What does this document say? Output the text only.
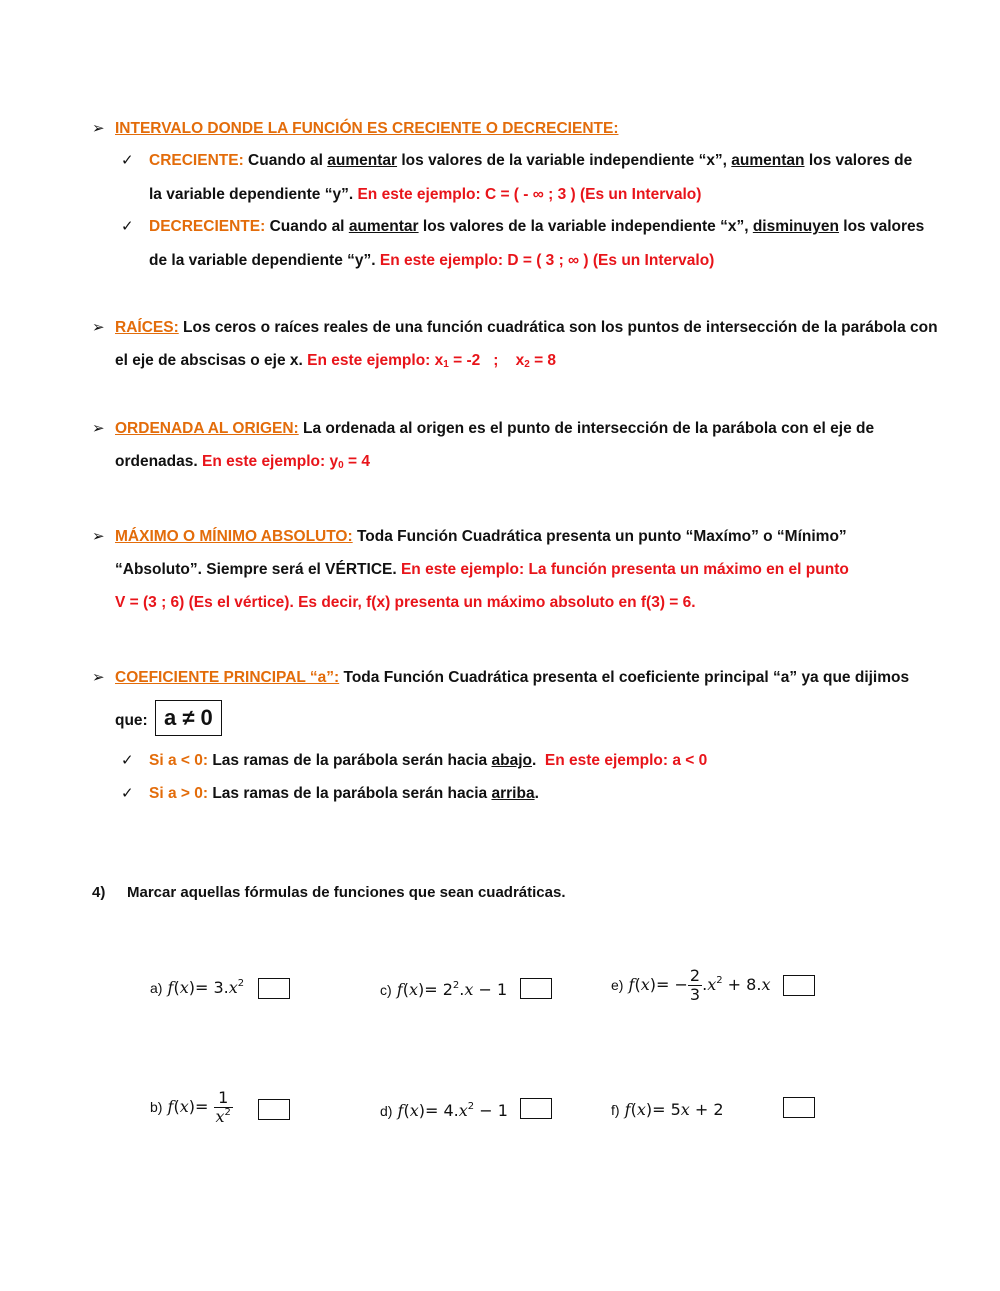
➢ INTERVALO DONDE LA FUNCIÓN ES CRECIENTE O DECRECIENTE:
✓ CRECIENTE: Cuando al aumentar los valores de la variable independiente “x”, aumentan los valores de
la variable dependiente “y”. En este ejemplo: C = ( - ∞ ; 3 ) (Es un Intervalo)
✓ DECRECIENTE: Cuando al aumentar los valores de la variable independiente “x”, disminuyen los valores
de la variable dependiente “y”. En este ejemplo: D = ( 3 ; ∞ ) (Es un Intervalo)
➢ RAÍCES: Los ceros o raíces reales de una función cuadrática son los puntos de intersección de la parábola con
el eje de abscisas o eje x. En este ejemplo: $x_1 = -2$   ;    $x_2 = 8$
➢ ORDENADA AL ORIGEN: La ordenada al origen es el punto de intersección de la parábola con el eje de
ordenadas. En este ejemplo: $y_0 = 4$
➢ MÁXIMO O MÍNIMO ABSOLUTO: Toda Función Cuadrática presenta un punto “Maxímo” o “Mínimo”
“Absoluto”. Siempre será el VÉRTICE. En este ejemplo: La función presenta un máximo en el punto
V = (3 ; 6) (Es el vértice). Es decir, f(x) presenta un máximo absoluto en f(3) = 6.
➢ COEFICIENTE PRINCIPAL “a”: Toda Función Cuadrática presenta el coeficiente principal “a” ya que dijimos
que: a ≠ 0
✓ Si a < 0: Las ramas de la parábola serán hacia abajo.  En este ejemplo: a < 0
✓ Si a > 0: Las ramas de la parábola serán hacia arriba.
4) Marcar aquellas fórmulas de funciones que sean cuadráticas.
a) $f(x)= 3.x^2$	c) $f(x)= 2^2.x - 1$	e) $f(x)= - \frac{2}{3} .x^2 + 8.x$
b) $f(x)= \frac{1}{x^2}$	d) $f(x)= 4.x^2 - 1$	f) f(x)= 5x + 2
